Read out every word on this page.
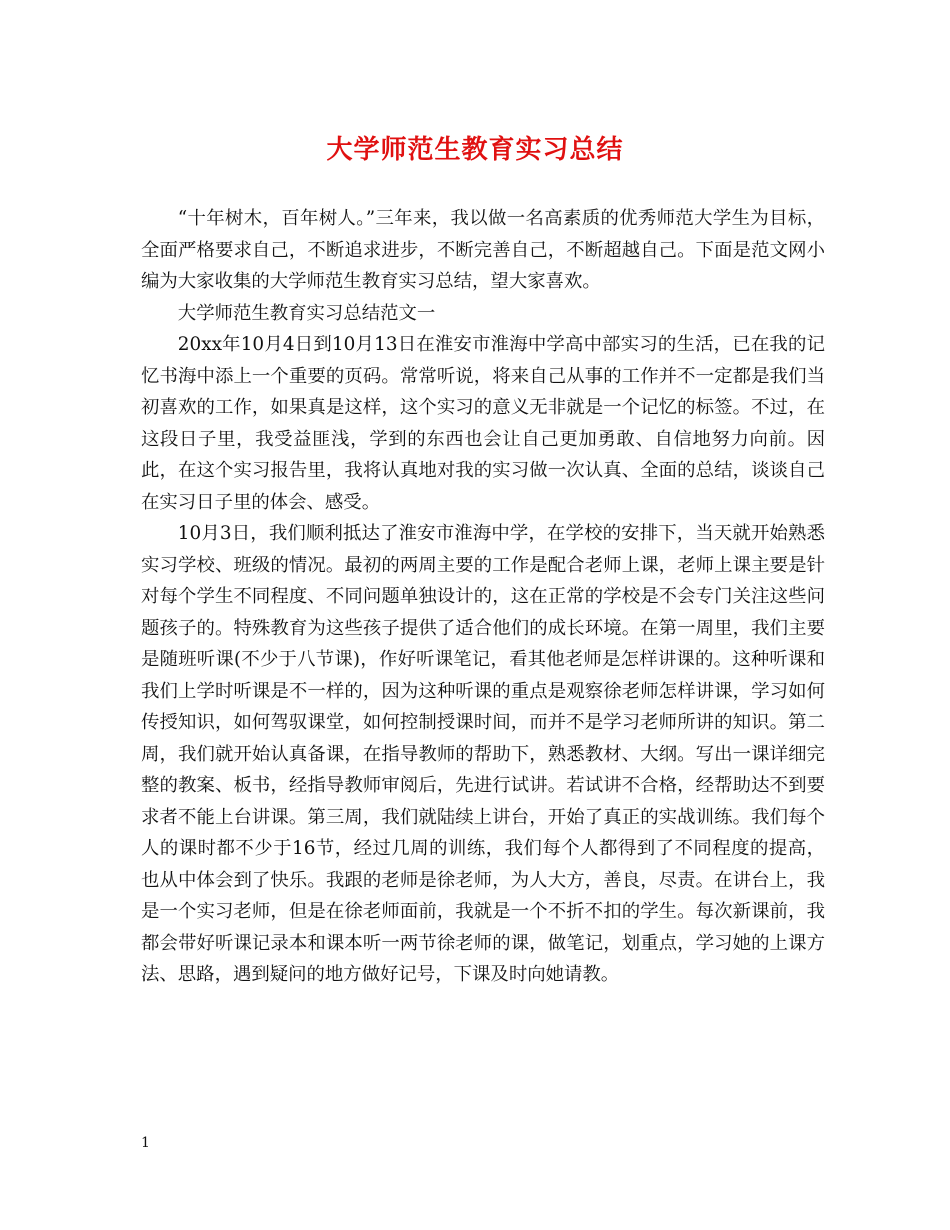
大学师范生教育实习总结

“十年树木，百年树人。”三年来，我以做一名高素质的优秀师范大学生为目标，全面严格要求自己，不断追求进步，不断完善自己，不断超越自己。下面是范文网小编为大家收集的大学师范生教育实习总结，望大家喜欢。

大学师范生教育实习总结范文一

20xx年10月4日到10月13日在淮安市淮海中学高中部实习的生活，已在我的记忆书海中添上一个重要的页码。常常听说，将来自己从事的工作并不一定都是我们当初喜欢的工作，如果真是这样，这个实习的意义无非就是一个记忆的标签。不过，在这段日子里，我受益匪浅，学到的东西也会让自己更加勇敢、自信地努力向前。因此，在这个实习报告里，我将认真地对我的实习做一次认真、全面的总结，谈谈自己在实习日子里的体会、感受。

10月3日，我们顺利抵达了淮安市淮海中学，在学校的安排下，当天就开始熟悉实习学校、班级的情况。最初的两周主要的工作是配合老师上课，老师上课主要是针对每个学生不同程度、不同问题单独设计的，这在正常的学校是不会专门关注这些问题孩子的。特殊教育为这些孩子提供了适合他们的成长环境。在第一周里，我们主要是随班听课(不少于八节课)，作好听课笔记，看其他老师是怎样讲课的。这种听课和我们上学时听课是不一样的，因为这种听课的重点是观察徐老师怎样讲课，学习如何传授知识，如何驾驭课堂，如何控制授课时间，而并不是学习老师所讲的知识。第二周，我们就开始认真备课，在指导教师的帮助下，熟悉教材、大纲。写出一课详细完整的教案、板书，经指导教师审阅后，先进行试讲。若试讲不合格，经帮助达不到要求者不能上台讲课。第三周，我们就陆续上讲台，开始了真正的实战训练。我们每个人的课时都不少于16节，经过几周的训练，我们每个人都得到了不同程度的提高，也从中体会到了快乐。我跟的老师是徐老师，为人大方，善良，尽责。在讲台上，我是一个实习老师，但是在徐老师面前，我就是一个不折不扣的学生。每次新课前，我都会带好听课记录本和课本听一两节徐老师的课，做笔记，划重点，学习她的上课方法、思路，遇到疑问的地方做好记号，下课及时向她请教。

1
